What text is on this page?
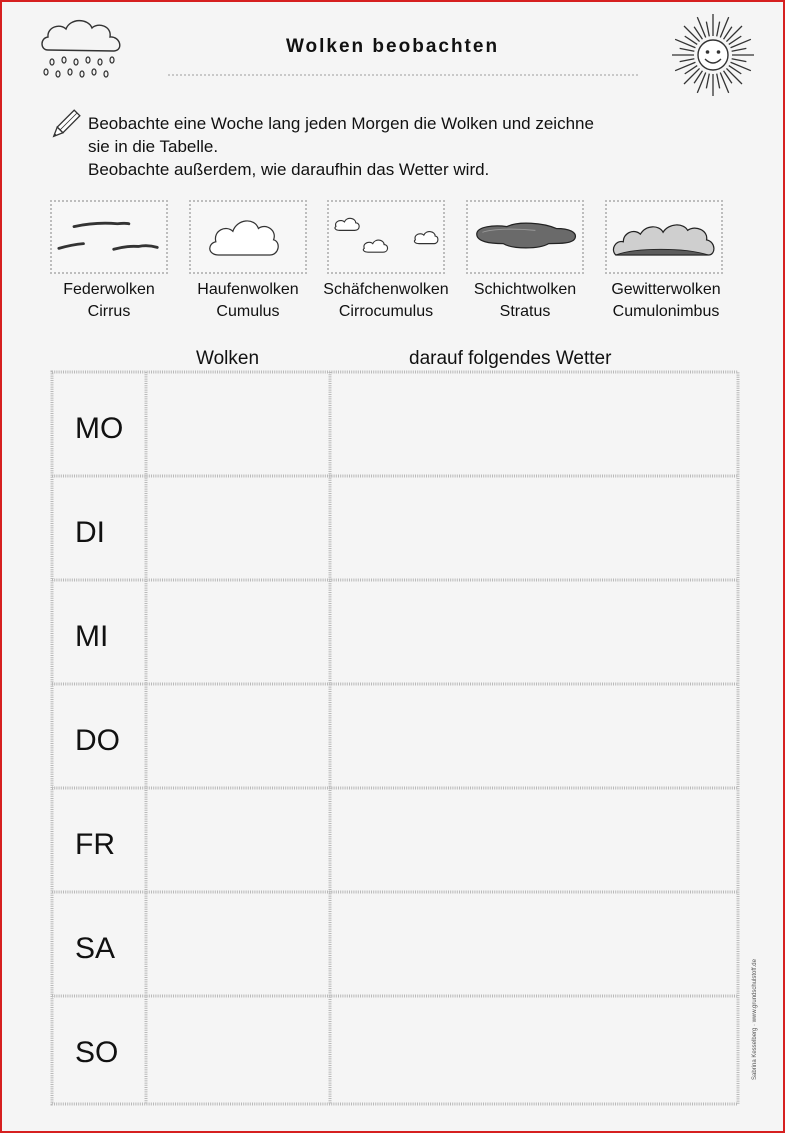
Wolken beobachten
Beobachte eine Woche lang jeden Morgen die Wolken und zeichne
sie in die Tabelle.
Beobachte außerdem, wie daraufhin das Wetter wird.
Federwolken
Cirrus
Haufenwolken
Cumulus
Schäfchenwolken
Cirrocumulus
Schichtwolken
Stratus
Gewitterwolken
Cumulonimbus
Wolken	darauf folgendes Wetter
MO
DI
MI
DO
FR
SA
SO	Sabrina Kesselberg · www.grundschulstoff.de
